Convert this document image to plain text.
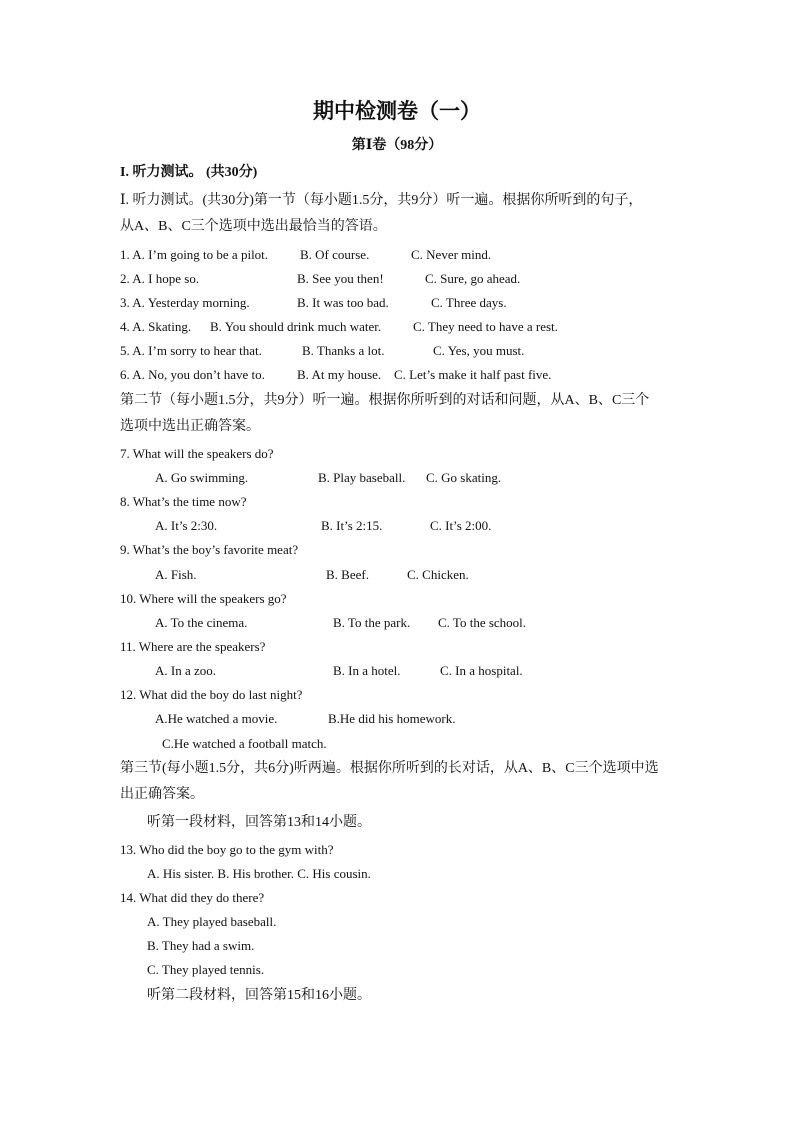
期中检测卷（一）
第Ⅰ卷（98分）
I. 听力测试。 (共30分)
Ⅰ. 听力测试。(共30分)第一节（每小题1.5分，共9分）听一遍。根据你所听到的句子，
从A、B、C三个选项中选出最恰当的答语。
1. A. I’m going to be a pilot. B. Of course.	C. Never mind.
2. A. I hope so.	B. See you then!	C. Sure, go ahead.
3. A. Yesterday morning.	B. It was too bad.	C. Three days.
4. A. Skating. B. You should drink much water. C. They need to have a rest.
5. A. I’m sorry to hear that.	B. Thanks a lot.	C. Yes, you must.
6. A. No, you don’t have to. B. At my house. C. Let’s make it half past five.
第二节（每小题1.5分，共9分）听一遍。根据你所听到的对话和问题，从A、B、C三个
选项中选出正确答案。
7. What will the speakers do?
A. Go swimming.	B. Play baseball. C. Go skating.
8. What’s the time now?
A. It’s 2:30.	B. It’s 2:15.	C. It’s 2:00.
9. What’s the boy’s favorite meat?
A. Fish.	B. Beef.	C. Chicken.
10. Where will the speakers go?
A. To the cinema.	B. To the park. C. To the school.
11. Where are the speakers?
A. In a zoo.	B. In a hotel.	C. In a hospital.
12. What did the boy do last night?
A.He watched a movie.	B.He did his homework.
C.He watched a football match.
第三节(每小题1.5分，共6分)听两遍。根据你所听到的长对话，从A、B、C三个选项中选
出正确答案。
听第一段材料，回答第13和14小题。
13. Who did the boy go to the gym with?
A. His sister. B. His brother. C. His cousin.
14. What did they do there?
A. They played baseball.
B. They had a swim.
C. They played tennis.
听第二段材料，回答第15和16小题。
